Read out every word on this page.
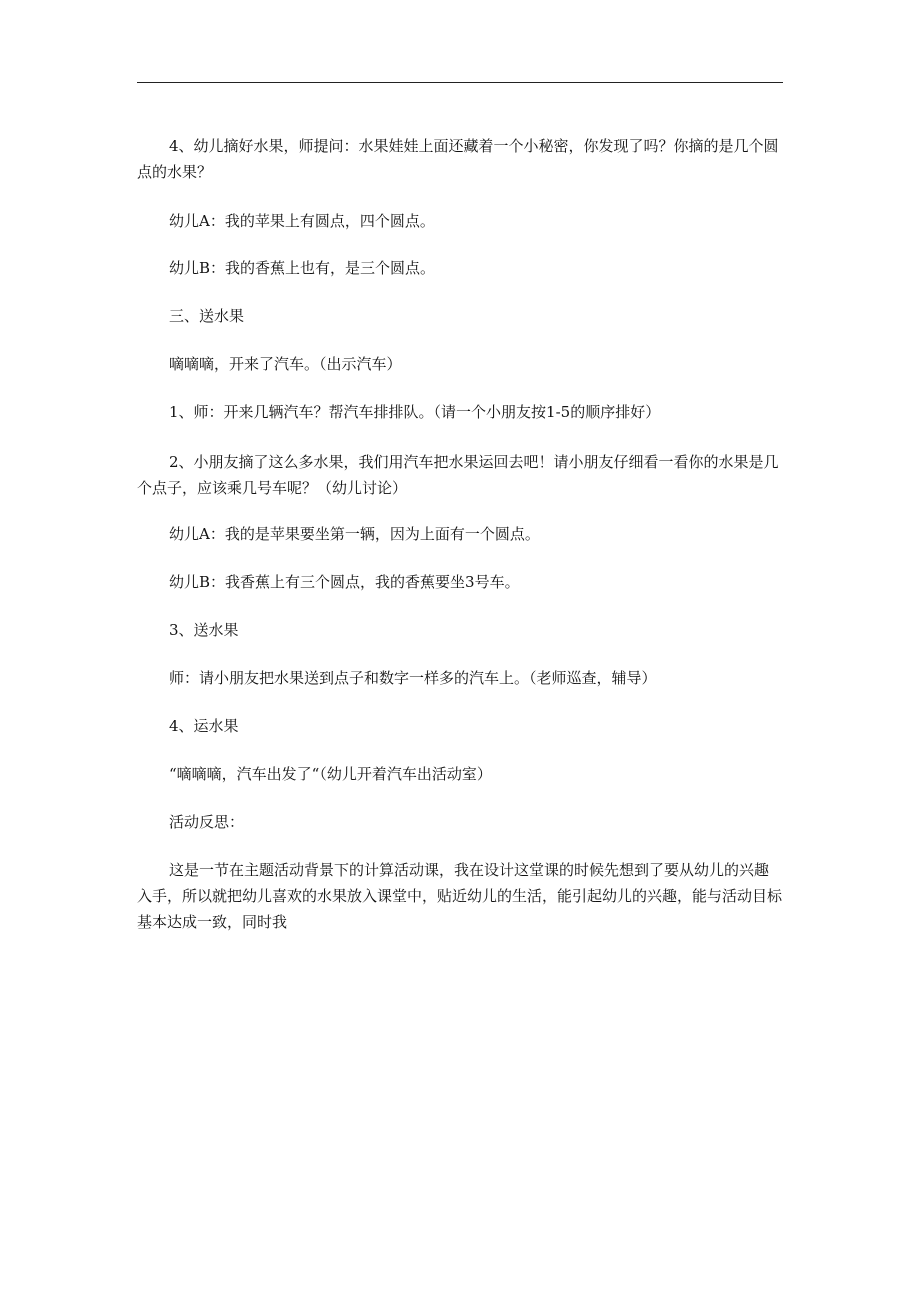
4、幼儿摘好水果，师提问：水果娃娃上面还藏着一个小秘密，你发现了吗？你摘的是几个圆点的水果？

幼儿A：我的苹果上有圆点，四个圆点。

幼儿B：我的香蕉上也有，是三个圆点。

三、送水果

嘀嘀嘀，开来了汽车。（出示汽车）

1、师：开来几辆汽车？帮汽车排排队。（请一个小朋友按1-5的顺序排好）

2、小朋友摘了这么多水果，我们用汽车把水果运回去吧！请小朋友仔细看一看你的水果是几个点子，应该乘几号车呢？（幼儿讨论）

幼儿A：我的是苹果要坐第一辆，因为上面有一个圆点。

幼儿B：我香蕉上有三个圆点，我的香蕉要坐3号车。

3、送水果

师：请小朋友把水果送到点子和数字一样多的汽车上。（老师巡查，辅导）

4、运水果

“嘀嘀嘀，汽车出发了“（幼儿开着汽车出活动室）

活动反思：

这是一节在主题活动背景下的计算活动课，我在设计这堂课的时候先想到了要从幼儿的兴趣入手，所以就把幼儿喜欢的水果放入课堂中，贴近幼儿的生活，能引起幼儿的兴趣，能与活动目标基本达成一致，同时我
